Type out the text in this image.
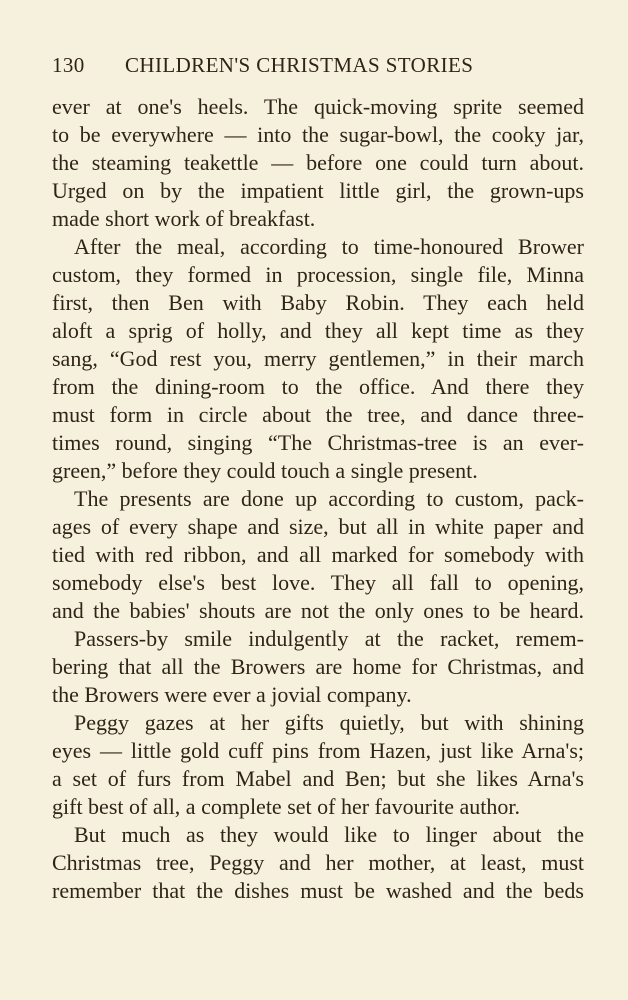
130 CHILDREN'S CHRISTMAS STORIES
ever at one's heels. The quick-moving sprite seemed
to be everywhere — into the sugar-bowl, the cooky jar,
the steaming teakettle — before one could turn about.
Urged on by the impatient little girl, the grown-ups
made short work of breakfast.
After the meal, according to time-honoured Brower
custom, they formed in procession, single file, Minna
first, then Ben with Baby Robin. They each held
aloft a sprig of holly, and they all kept time as they
sang, “God rest you, merry gentlemen,” in their march
from the dining-room to the office. And there they
must form in circle about the tree, and dance three-
times round, singing “The Christmas-tree is an ever-
green,” before they could touch a single present.
The presents are done up according to custom, pack-
ages of every shape and size, but all in white paper and
tied with red ribbon, and all marked for somebody with
somebody else's best love. They all fall to opening,
and the babies' shouts are not the only ones to be heard.
Passers-by smile indulgently at the racket, remem-
bering that all the Browers are home for Christmas, and
the Browers were ever a jovial company.
Peggy gazes at her gifts quietly, but with shining
eyes — little gold cuff pins from Hazen, just like Arna's;
a set of furs from Mabel and Ben; but she likes Arna's
gift best of all, a complete set of her favourite author.
But much as they would like to linger about the
Christmas tree, Peggy and her mother, at least, must
remember that the dishes must be washed and the beds
